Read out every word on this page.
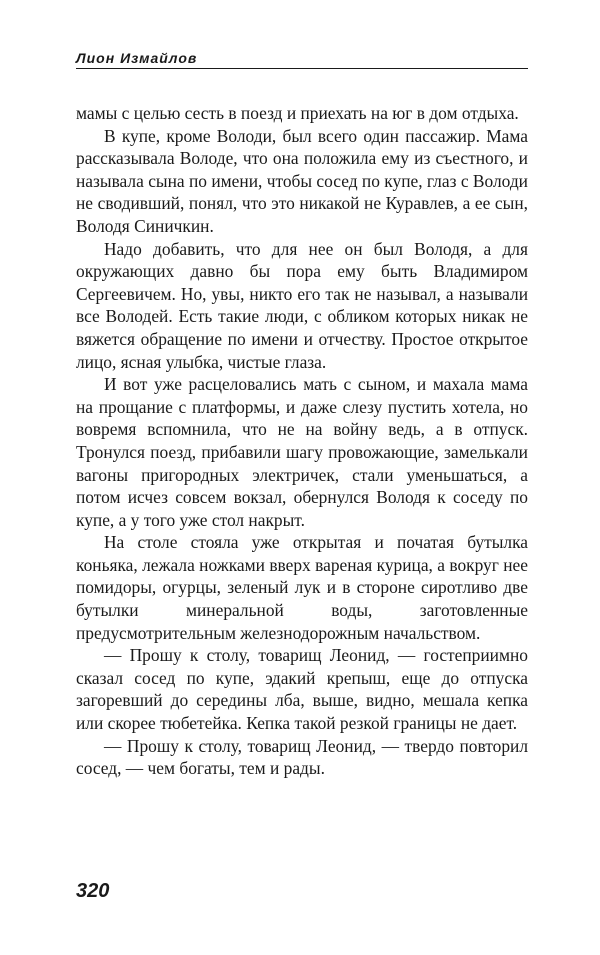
Лион Измайлов

мамы с целью сесть в поезд и приехать на юг в дом отдыха.

В купе, кроме Володи, был всего один пассажир. Мама рассказывала Володе, что она положила ему из съестного, и называла сына по имени, чтобы сосед по купе, глаз с Володи не сводивший, понял, что это никакой не Куравлев, а ее сын, Володя Синичкин.

Надо добавить, что для нее он был Володя, а для окружающих давно бы пора ему быть Владимиром Сергеевичем. Но, увы, никто его так не называл, а называли все Володей. Есть такие люди, с обликом которых никак не вяжется обращение по имени и отчеству. Простое открытое лицо, ясная улыбка, чистые глаза.

И вот уже расцеловались мать с сыном, и махала мама на прощание с платформы, и даже слезу пустить хотела, но вовремя вспомнила, что не на войну ведь, а в отпуск. Тронулся поезд, прибавили шагу провожающие, замелькали вагоны пригородных электричек, стали уменьшаться, а потом исчез совсем вокзал, обернулся Володя к соседу по купе, а у того уже стол накрыт.

На столе стояла уже открытая и початая бутылка коньяка, лежала ножками вверх вареная курица, а вокруг нее помидоры, огурцы, зеленый лук и в стороне сиротливо две бутылки минеральной воды, заготовленные предусмотрительным железнодорожным начальством.

— Прошу к столу, товарищ Леонид, — гостеприимно сказал сосед по купе, эдакий крепыш, еще до отпуска загоревший до середины лба, выше, видно, мешала кепка или скорее тюбетейка. Кепка такой резкой границы не дает.

— Прошу к столу, товарищ Леонид, — твердо повторил сосед, — чем богаты, тем и рады.

320
